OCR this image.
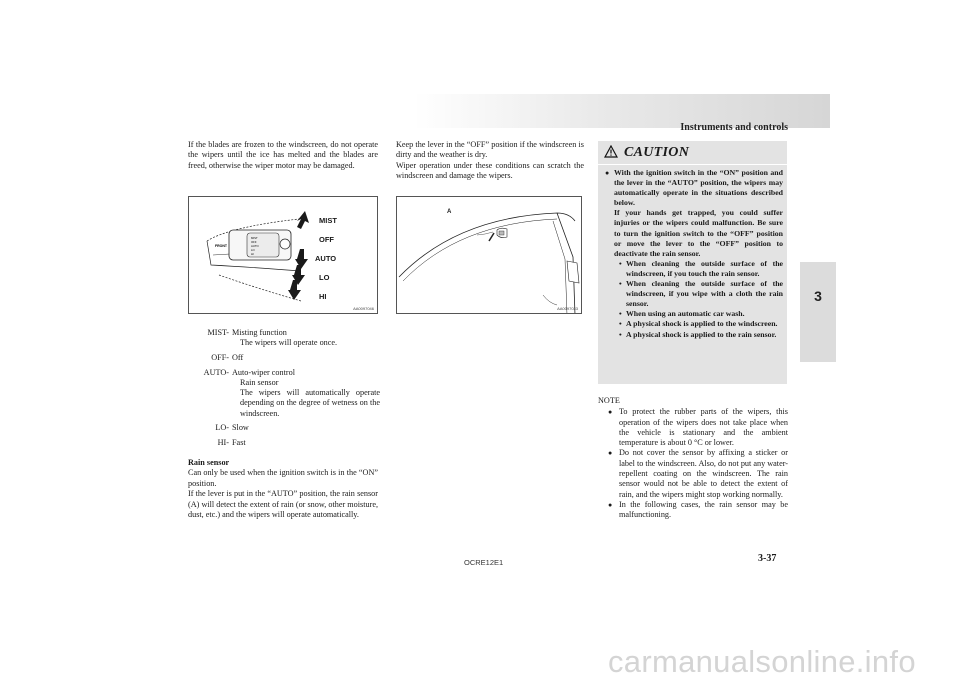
Instruments and controls
3

If the blades are frozen to the windscreen, do not operate the wipers until the ice has melted and the blades are freed, otherwise the wiper motor may be damaged.

FRONT
MIST
OFF
AUTO
LO
HI
MIST
OFF
AUTO
LO
HI
AA0097046
MIST- Misting function
The wipers will operate once.
OFF- Off
AUTO- Auto-wiper control
Rain sensor
The wipers will automatically operate depending on the degree of wetness on the windscreen.
LO- Slow
HI- Fast
Rain sensor
Can only be used when the ignition switch is in the “ON” position.
If the lever is put in the “AUTO” position, the rain sensor (A) will detect the extent of rain (or snow, other moisture, dust, etc.) and the wipers will operate automatically.
Keep the lever in the “OFF” position if the windscreen is dirty and the weather is dry.
Wiper operation under these conditions can scratch the windscreen and damage the wipers.
A
AA0097033
CAUTION
● With the ignition switch in the “ON” position and the lever in the “AUTO” position, the wipers may automatically operate in the situations described below.
If your hands get trapped, you could suffer injuries or the wipers could malfunction. Be sure to turn the ignition switch to the “OFF” position or move the lever to the “OFF” position to deactivate the rain sensor.
• When cleaning the outside surface of the windscreen, if you touch the rain sensor.
• When cleaning the outside surface of the windscreen, if you wipe with a cloth the rain sensor.
• When using an automatic car wash.
• A physical shock is applied to the windscreen.
• A physical shock is applied to the rain sensor.
NOTE
● To protect the rubber parts of the wipers, this operation of the wipers does not take place when the vehicle is stationary and the ambient temperature is about 0 °C or lower.
● Do not cover the sensor by affixing a sticker or label to the windscreen. Also, do not put any water-repellent coating on the windscreen. The rain sensor would not be able to detect the extent of rain, and the wipers might stop working normally.
● In the following cases, the rain sensor may be malfunctioning.
OCRE12E1	3-37
carmanualsonline.info
